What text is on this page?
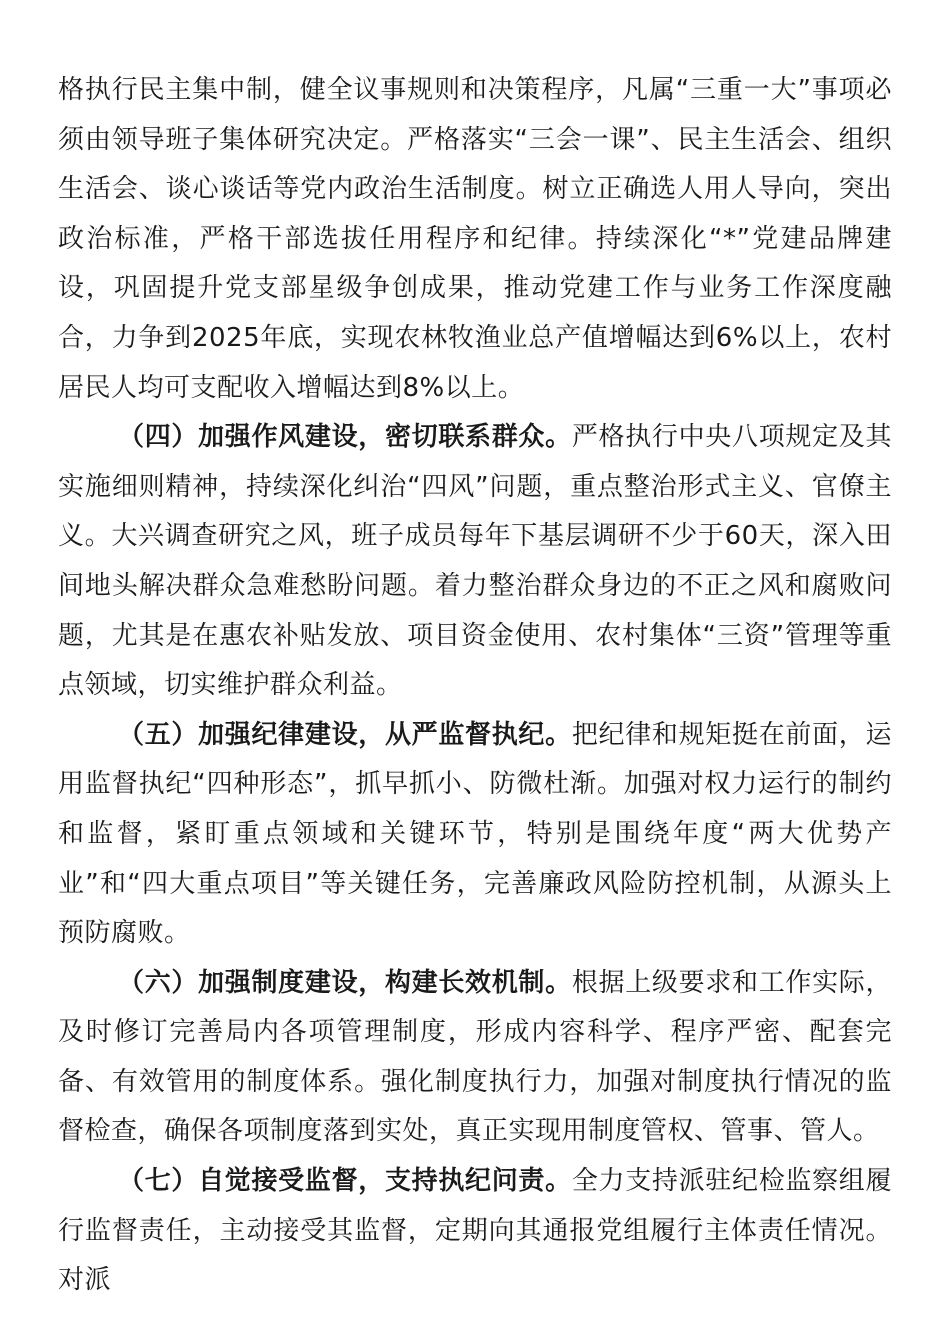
格执行民主集中制，健全议事规则和决策程序，凡属“三重一大”事项必须由领导班子集体研究决定。严格落实“三会一课”、民主生活会、组织生活会、谈心谈话等党内政治生活制度。树立正确选人用人导向，突出政治标准，严格干部选拔任用程序和纪律。持续深化“*”党建品牌建设，巩固提升党支部星级争创成果，推动党建工作与业务工作深度融合，力争到2025年底，实现农林牧渔业总产值增幅达到6%以上，农村居民人均可支配收入增幅达到8%以上。

（四）加强作风建设，密切联系群众。严格执行中央八项规定及其实施细则精神，持续深化纠治“四风”问题，重点整治形式主义、官僚主义。大兴调查研究之风，班子成员每年下基层调研不少于60天，深入田间地头解决群众急难愁盼问题。着力整治群众身边的不正之风和腐败问题，尤其是在惠农补贴发放、项目资金使用、农村集体“三资”管理等重点领域，切实维护群众利益。

（五）加强纪律建设，从严监督执纪。把纪律和规矩挺在前面，运用监督执纪“四种形态”，抓早抓小、防微杜渐。加强对权力运行的制约和监督，紧盯重点领域和关键环节，特别是围绕年度“两大优势产业”和“四大重点项目”等关键任务，完善廉政风险防控机制，从源头上预防腐败。

（六）加强制度建设，构建长效机制。根据上级要求和工作实际，及时修订完善局内各项管理制度，形成内容科学、程序严密、配套完备、有效管用的制度体系。强化制度执行力，加强对制度执行情况的监督检查，确保各项制度落到实处，真正实现用制度管权、管事、管人。

（七）自觉接受监督，支持执纪问责。全力支持派驻纪检监察组履行监督责任，主动接受其监督，定期向其通报党组履行主体责任情况。对派
